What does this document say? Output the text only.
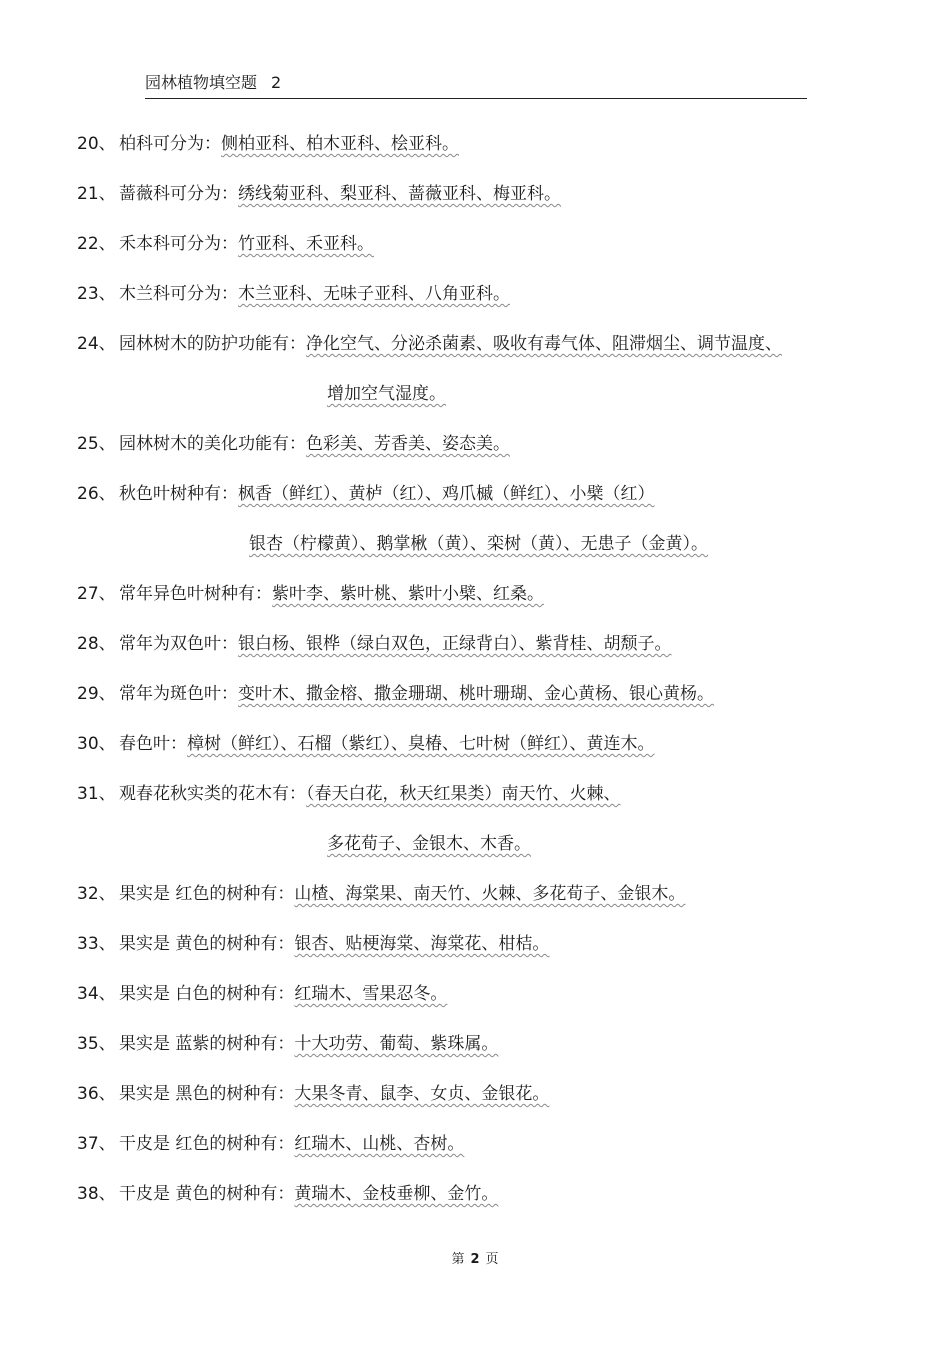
园林植物填空题 2
20、 柏科可分为：侧柏亚科、柏木亚科、桧亚科。
21、 蔷薇科可分为：绣线菊亚科、梨亚科、蔷薇亚科、梅亚科。
22、 禾本科可分为：竹亚科、禾亚科。
23、 木兰科可分为：木兰亚科、无味子亚科、八角亚科。
24、 园林树木的防护功能有：净化空气、分泌杀菌素、吸收有毒气体、阻滞烟尘、调节温度、
增加空气湿度。
25、 园林树木的美化功能有：色彩美、芳香美、姿态美。
26、 秋色叶树种有：枫香（鲜红）、黄栌（红）、鸡爪槭（鲜红）、小檗（红）
银杏（柠檬黄）、鹅掌楸（黄）、栾树（黄）、无患子（金黄）。
27、 常年异色叶树种有：紫叶李、紫叶桃、紫叶小檗、红桑。
28、 常年为双色叶：银白杨、银桦（绿白双色，正绿背白）、紫背桂、胡颓子。
29、 常年为斑色叶：变叶木、撒金榕、撒金珊瑚、桃叶珊瑚、金心黄杨、银心黄杨。
30、 春色叶：樟树（鲜红）、石榴（紫红）、臭椿、七叶树（鲜红）、黄连木。
31、 观春花秋实类的花木有：（春天白花，秋天红果类）南天竹、火棘、
多花荀子、金银木、木香。
32、 果实是 红色的树种有：山楂、海棠果、南天竹、火棘、多花荀子、金银木。
33、 果实是 黄色的树种有：银杏、贴梗海棠、海棠花、柑桔。
34、 果实是 白色的树种有：红瑞木、雪果忍冬。
35、 果实是 蓝紫的树种有：十大功劳、葡萄、紫珠属。
36、 果实是 黑色的树种有：大果冬青、鼠李、女贞、金银花。
37、 干皮是 红色的树种有：红瑞木、山桃、杏树。
38、 干皮是 黄色的树种有：黄瑞木、金枝垂柳、金竹。
第 2 页
